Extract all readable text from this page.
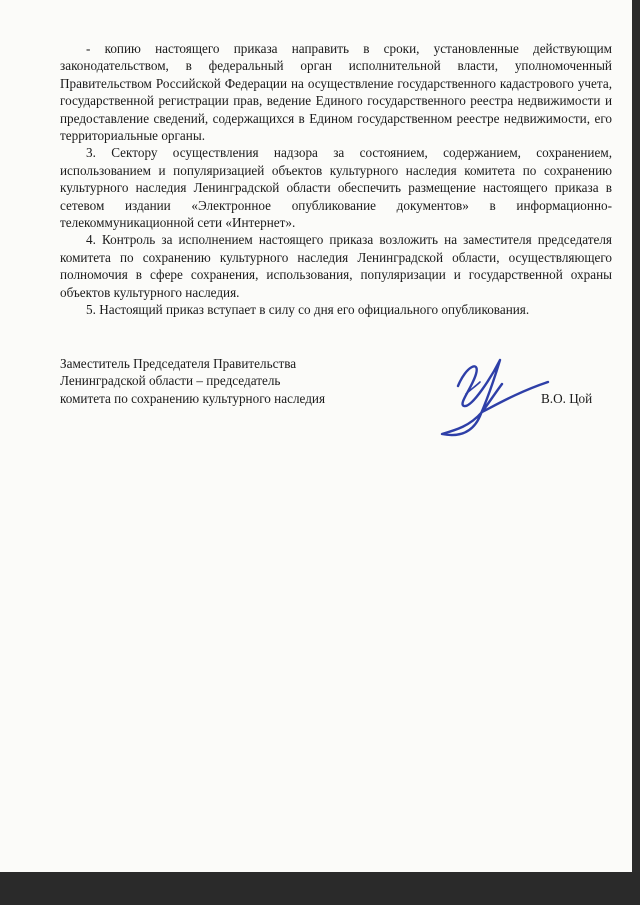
- копию настоящего приказа направить в сроки, установленные действующим законодательством, в федеральный орган исполнительной власти, уполномоченный Правительством Российской Федерации на осуществление государственного кадастрового учета, государственной регистрации прав, ведение Единого государственного реестра недвижимости и предоставление сведений, содержащихся в Едином государственном реестре недвижимости, его территориальные органы.

3. Сектору осуществления надзора за состоянием, содержанием, сохранением, использованием и популяризацией объектов культурного наследия комитета по сохранению культурного наследия Ленинградской области обеспечить размещение настоящего приказа в сетевом издании «Электронное опубликование документов» в информационно-телекоммуникационной сети «Интернет».

4. Контроль за исполнением настоящего приказа возложить на заместителя председателя комитета по сохранению культурного наследия Ленинградской области, осуществляющего полномочия в сфере сохранения, использования, популяризации и государственной охраны объектов культурного наследия.

5. Настоящий приказ вступает в силу со дня его официального опубликования.

Заместитель Председателя Правительства
Ленинградской области – председатель
комитета по сохранению культурного наследия	В.О. Цой
